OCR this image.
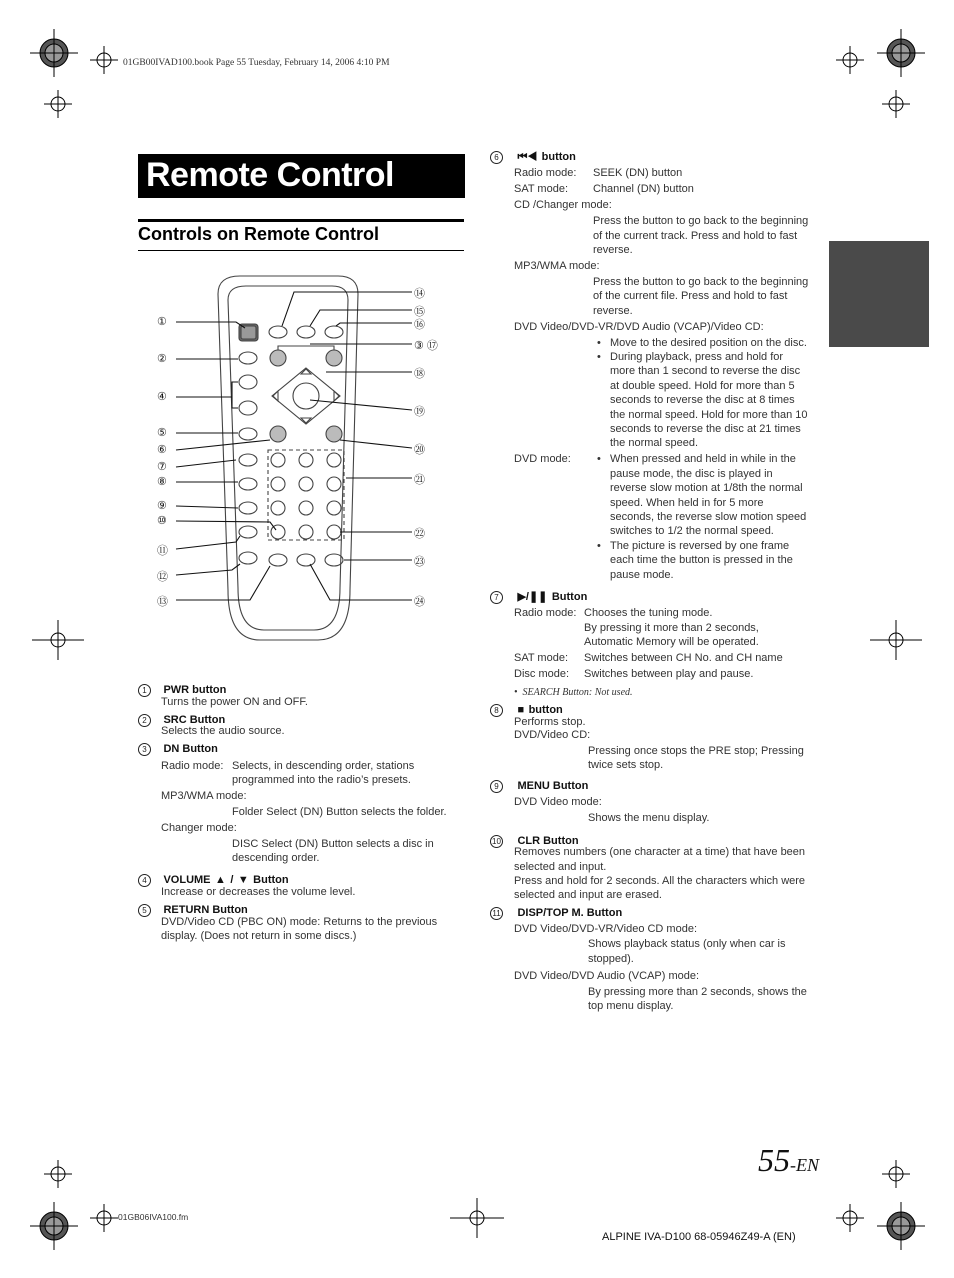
01GB00IVAD100.book Page 55 Tuesday, February 14, 2006 4:10 PM
Remote Control
Controls on Remote Control
①
②
④
⑤
⑥
⑦
⑧
⑨
⑩
⑪
⑫
⑬
⑭
⑮
⑯
③ ⑰
⑱
⑲
⑳
㉑
㉒
㉓
㉔
1 PWR button
Turns the power ON and OFF.
2 SRC Button
Selects the audio source.
3 DN Button
Radio mode: Selects, in descending order, stations
programmed into the radio’s presets.
MP3/WMA mode:
Folder Select (DN) Button selects the folder.
Changer mode:
DISC Select (DN) Button selects a disc in
descending order.
4 VOLUME ▲ / ▼ Button
Increase or decreases the volume level.
5 RETURN Button
DVD/Video CD (PBC ON) mode: Returns to the previous
display. (Does not return in some discs.)
6 ⏮◀ button
Radio mode: SEEK (DN) button
SAT mode: Channel (DN) button
CD /Changer mode:
Press the button to go back to the beginning
of the current track. Press and hold to fast
reverse.
MP3/WMA mode:
Press the button to go back to the beginning
of the current file. Press and hold to fast
reverse.
DVD Video/DVD-VR/DVD Audio (VCAP)/Video CD:
• Move to the desired position on the disc.
• During playback, press and hold for
more than 1 second to reverse the disc
at double speed. Hold for more than 5
seconds to reverse the disc at 8 times
the normal speed. Hold for more than 10
seconds to reverse the disc at 21 times
the normal speed.
DVD mode: • When pressed and held in while in the
pause mode, the disc is played in
reverse slow motion at 1/8th the normal
speed. When held in for 5 more
seconds, the reverse slow motion speed
switches to 1/2 the normal speed.
• The picture is reversed by one frame
each time the button is pressed in the
pause mode.
7 ▶/❚❚ Button
Radio mode: Chooses the tuning mode.
By pressing it more than 2 seconds,
Automatic Memory will be operated.
SAT mode: Switches between CH No. and CH name
Disc mode: Switches between play and pause.
•  SEARCH Button: Not used.
8 ■ button
Performs stop.
DVD/Video CD:
Pressing once stops the PRE stop; Pressing
twice sets stop.
9 MENU Button
DVD Video mode:
Shows the menu display.
10 CLR Button
Removes numbers (one character at a time) that have been
selected and input.
Press and hold for 2 seconds. All the characters which were
selected and input are erased.
11 DISP/TOP M. Button
DVD Video/DVD-VR/Video CD mode:
Shows playback status (only when car is
stopped).
DVD Video/DVD Audio (VCAP) mode:
By pressing more than 2 seconds, shows the
top menu display.
55-EN
01GB06IVA100.fm
ALPINE IVA-D100 68-05946Z49-A (EN)
